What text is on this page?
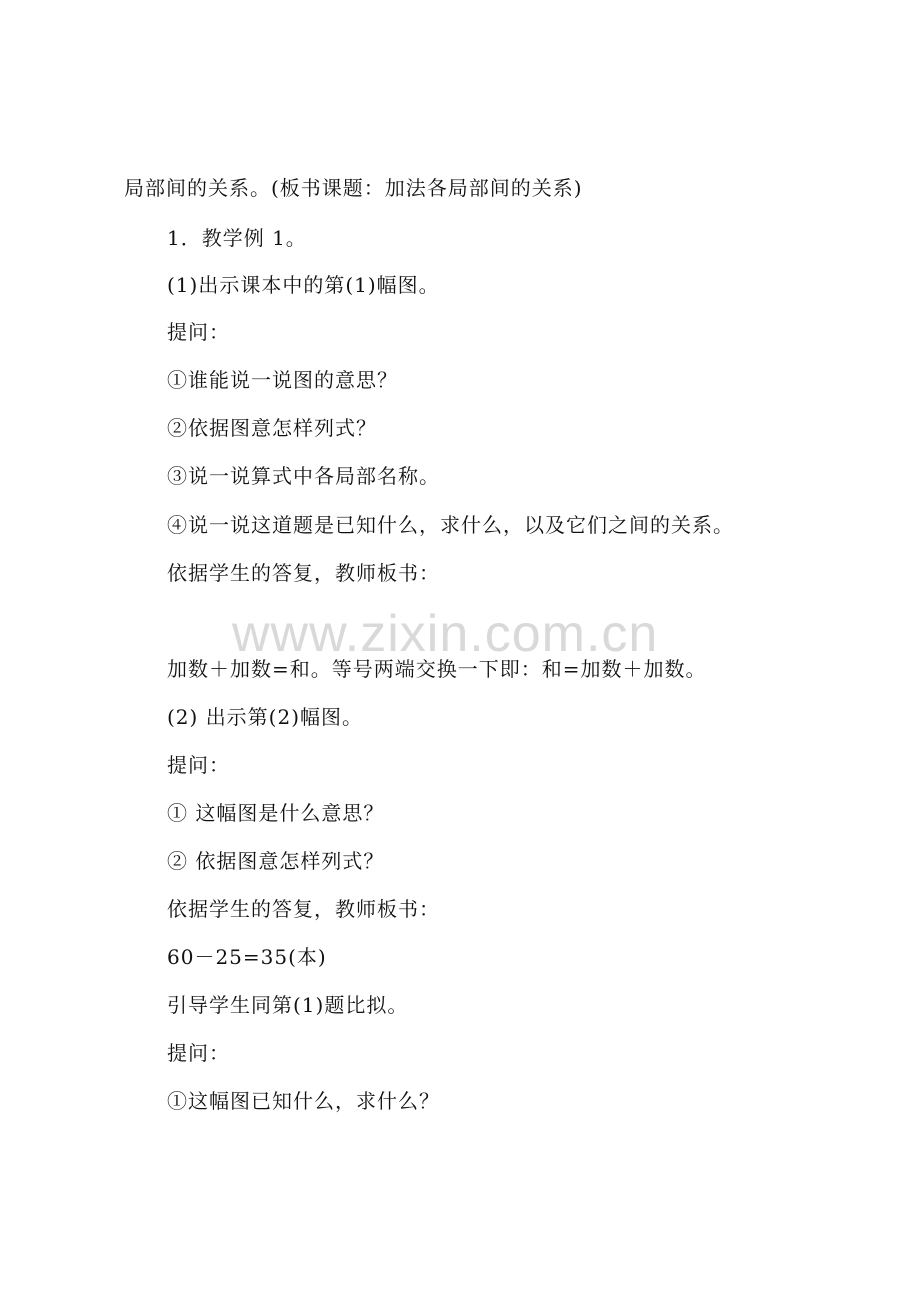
局部间的关系。(板书课题：加法各局部间的关系)
1．教学例 1。
(1)出示课本中的第(1)幅图。
提问：
①谁能说一说图的意思？
②依据图意怎样列式？
③说一说算式中各局部名称。
④说一说这道题是已知什么，求什么，以及它们之间的关系。
依据学生的答复，教师板书：
www.zixin.com.cn
加数＋加数=和。等号两端交换一下即：和=加数＋加数。
(2) 出示第(2)幅图。
提问：
① 这幅图是什么意思？
② 依据图意怎样列式？
依据学生的答复，教师板书：
60－25=35(本)
引导学生同第(1)题比拟。
提问：
①这幅图已知什么，求什么？
